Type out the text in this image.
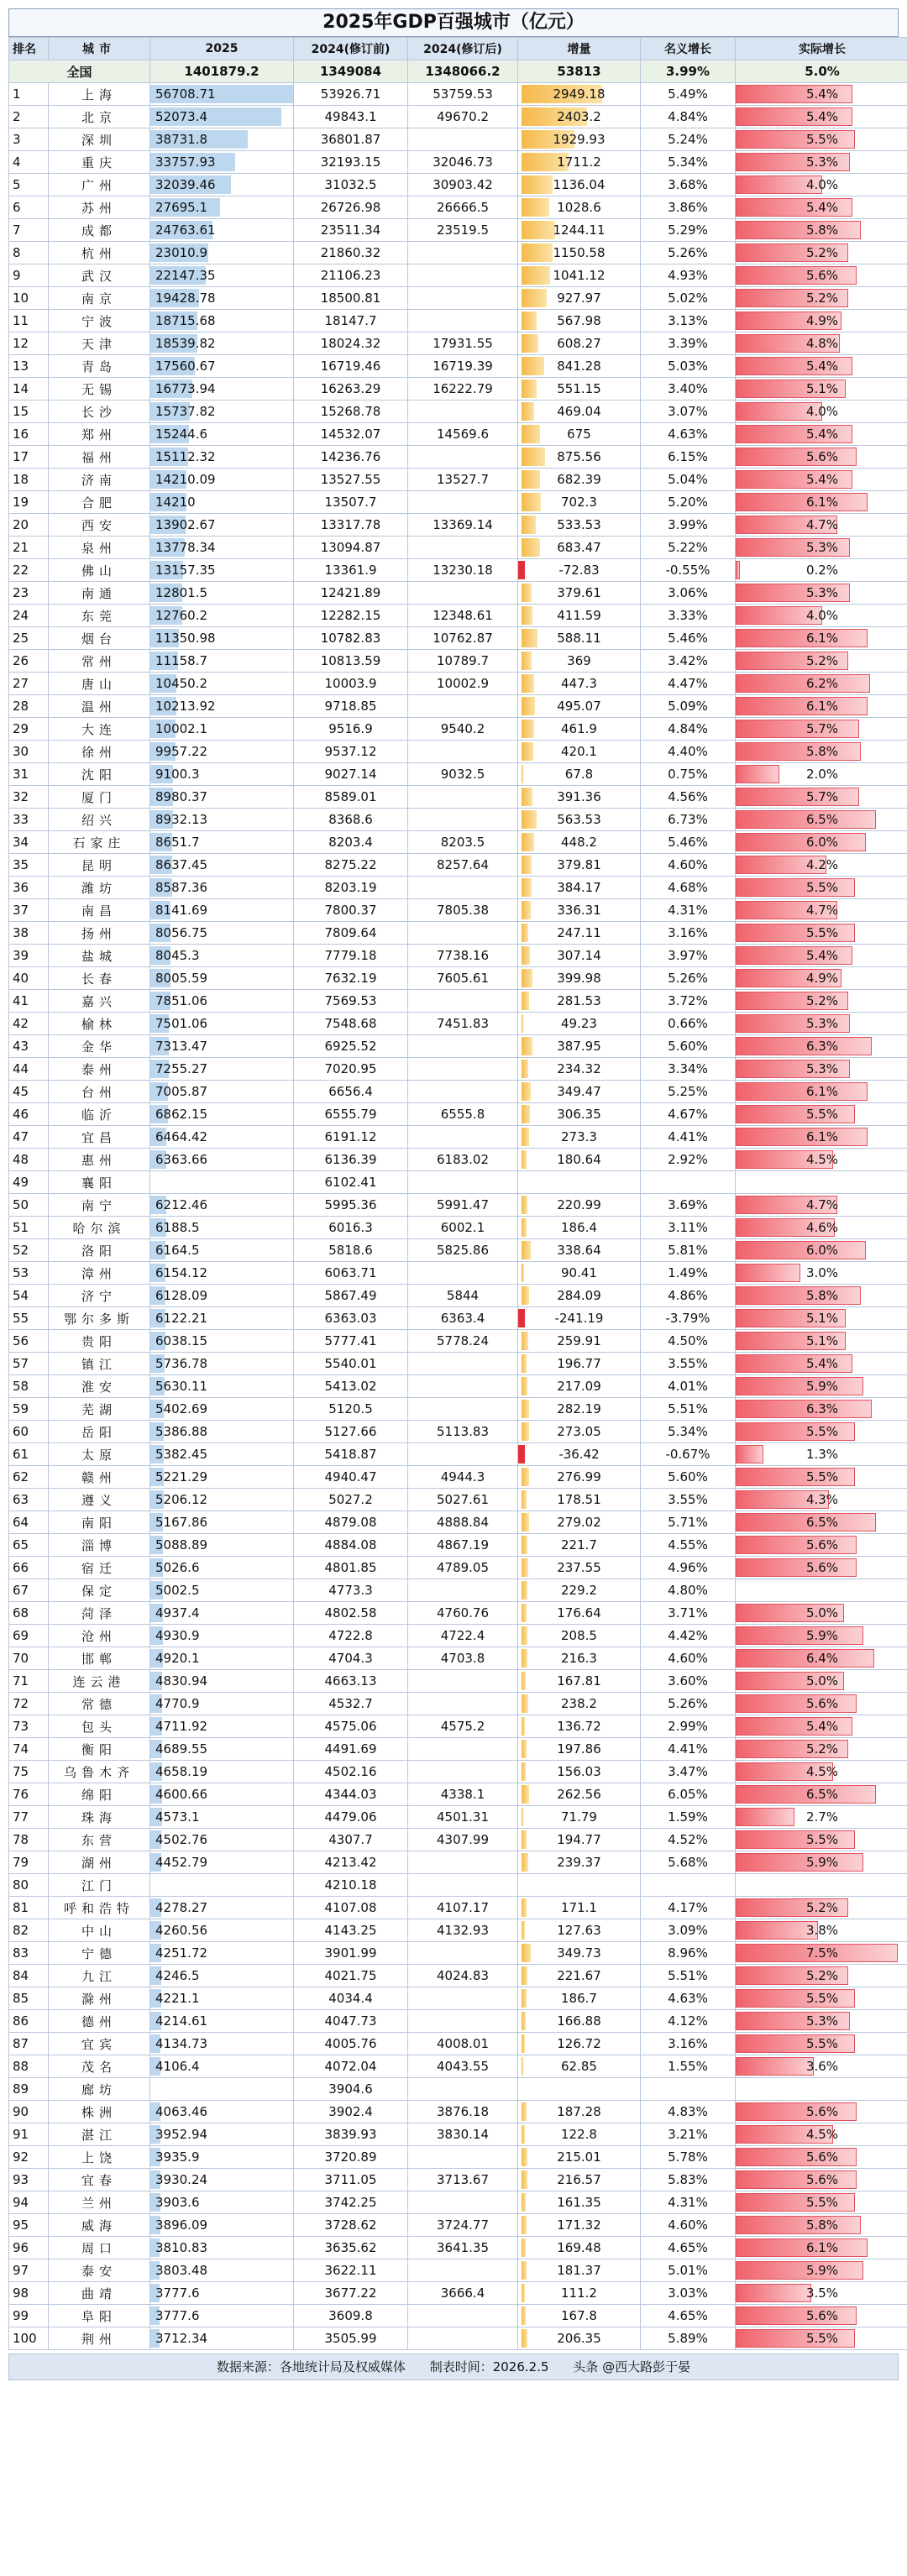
2025年GDP百强城市（亿元）
排名	城市	2025	2024(修订前)	2024(修订后)	增量	名义增长	实际增长
全国		1401879.2	1349084	1348066.2	53813	3.99%	5.0%
1	上海	56708.71	53926.71	53759.53	2949.18	5.49%	5.4%

2	北京	52073.4	49843.1	49670.2	2403.2	4.84%	5.4%

3	深圳	38731.8	36801.87		1929.93	5.24%	5.5%

4	重庆	33757.93	32193.15	32046.73	1711.2	5.34%	5.3%

5	广州	32039.46	31032.5	30903.42	1136.04	3.68%	4.0%

6	苏州	27695.1	26726.98	26666.5	1028.6	3.86%	5.4%

7	成都	24763.61	23511.34	23519.5	1244.11	5.29%	5.8%

8	杭州	23010.9	21860.32		1150.58	5.26%	5.2%

9	武汉	22147.35	21106.23		1041.12	4.93%	5.6%

10	南京	19428.78	18500.81		927.97	5.02%	5.2%

11	宁波	18715.68	18147.7		567.98	3.13%	4.9%

12	天津	18539.82	18024.32	17931.55	608.27	3.39%	4.8%

13	青岛	17560.67	16719.46	16719.39	841.28	5.03%	5.4%

14	无锡	16773.94	16263.29	16222.79	551.15	3.40%	5.1%

15	长沙	15737.82	15268.78		469.04	3.07%	4.0%

16	郑州	15244.6	14532.07	14569.6	675	4.63%	5.4%

17	福州	15112.32	14236.76		875.56	6.15%	5.6%

18	济南	14210.09	13527.55	13527.7	682.39	5.04%	5.4%

19	合肥	14210	13507.7		702.3	5.20%	6.1%

20	西安	13902.67	13317.78	13369.14	533.53	3.99%	4.7%

21	泉州	13778.34	13094.87		683.47	5.22%	5.3%

22	佛山	13157.35	13361.9	13230.18	-72.83	-0.55%	0.2%

23	南通	12801.5	12421.89		379.61	3.06%	5.3%

24	东莞	12760.2	12282.15	12348.61	411.59	3.33%	4.0%

25	烟台	11350.98	10782.83	10762.87	588.11	5.46%	6.1%

26	常州	11158.7	10813.59	10789.7	369	3.42%	5.2%

27	唐山	10450.2	10003.9	10002.9	447.3	4.47%	6.2%

28	温州	10213.92	9718.85		495.07	5.09%	6.1%

29	大连	10002.1	9516.9	9540.2	461.9	4.84%	5.7%

30	徐州	9957.22	9537.12		420.1	4.40%	5.8%

31	沈阳	9100.3	9027.14	9032.5	67.8	0.75%	2.0%

32	厦门	8980.37	8589.01		391.36	4.56%	5.7%

33	绍兴	8932.13	8368.6		563.53	6.73%	6.5%

34	石家庄	8651.7	8203.4	8203.5	448.2	5.46%	6.0%

35	昆明	8637.45	8275.22	8257.64	379.81	4.60%	4.2%

36	潍坊	8587.36	8203.19		384.17	4.68%	5.5%

37	南昌	8141.69	7800.37	7805.38	336.31	4.31%	4.7%

38	扬州	8056.75	7809.64		247.11	3.16%	5.5%

39	盐城	8045.3	7779.18	7738.16	307.14	3.97%	5.4%

40	长春	8005.59	7632.19	7605.61	399.98	5.26%	4.9%

41	嘉兴	7851.06	7569.53		281.53	3.72%	5.2%

42	榆林	7501.06	7548.68	7451.83	49.23	0.66%	5.3%

43	金华	7313.47	6925.52		387.95	5.60%	6.3%

44	泰州	7255.27	7020.95		234.32	3.34%	5.3%

45	台州	7005.87	6656.4		349.47	5.25%	6.1%

46	临沂	6862.15	6555.79	6555.8	306.35	4.67%	5.5%

47	宜昌	6464.42	6191.12		273.3	4.41%	6.1%

48	惠州	6363.66	6136.39	6183.02	180.64	2.92%	4.5%

49	襄阳		6102.41				

50	南宁	6212.46	5995.36	5991.47	220.99	3.69%	4.7%

51	哈尔滨	6188.5	6016.3	6002.1	186.4	3.11%	4.6%

52	洛阳	6164.5	5818.6	5825.86	338.64	5.81%	6.0%

53	漳州	6154.12	6063.71		90.41	1.49%	3.0%

54	济宁	6128.09	5867.49	5844	284.09	4.86%	5.8%

55	鄂尔多斯	6122.21	6363.03	6363.4	-241.19	-3.79%	5.1%

56	贵阳	6038.15	5777.41	5778.24	259.91	4.50%	5.1%

57	镇江	5736.78	5540.01		196.77	3.55%	5.4%

58	淮安	5630.11	5413.02		217.09	4.01%	5.9%

59	芜湖	5402.69	5120.5		282.19	5.51%	6.3%

60	岳阳	5386.88	5127.66	5113.83	273.05	5.34%	5.5%

61	太原	5382.45	5418.87		-36.42	-0.67%	1.3%

62	赣州	5221.29	4940.47	4944.3	276.99	5.60%	5.5%

63	遵义	5206.12	5027.2	5027.61	178.51	3.55%	4.3%

64	南阳	5167.86	4879.08	4888.84	279.02	5.71%	6.5%

65	淄博	5088.89	4884.08	4867.19	221.7	4.55%	5.6%

66	宿迁	5026.6	4801.85	4789.05	237.55	4.96%	5.6%

67	保定	5002.5	4773.3		229.2	4.80%	

68	菏泽	4937.4	4802.58	4760.76	176.64	3.71%	5.0%

69	沧州	4930.9	4722.8	4722.4	208.5	4.42%	5.9%

70	邯郸	4920.1	4704.3	4703.8	216.3	4.60%	6.4%

71	连云港	4830.94	4663.13		167.81	3.60%	5.0%

72	常德	4770.9	4532.7		238.2	5.26%	5.6%

73	包头	4711.92	4575.06	4575.2	136.72	2.99%	5.4%

74	衡阳	4689.55	4491.69		197.86	4.41%	5.2%

75	乌鲁木齐	4658.19	4502.16		156.03	3.47%	4.5%

76	绵阳	4600.66	4344.03	4338.1	262.56	6.05%	6.5%

77	珠海	4573.1	4479.06	4501.31	71.79	1.59%	2.7%

78	东营	4502.76	4307.7	4307.99	194.77	4.52%	5.5%

79	湖州	4452.79	4213.42		239.37	5.68%	5.9%

80	江门		4210.18				

81	呼和浩特	4278.27	4107.08	4107.17	171.1	4.17%	5.2%

82	中山	4260.56	4143.25	4132.93	127.63	3.09%	3.8%

83	宁德	4251.72	3901.99		349.73	8.96%	7.5%

84	九江	4246.5	4021.75	4024.83	221.67	5.51%	5.2%

85	滁州	4221.1	4034.4		186.7	4.63%	5.5%

86	德州	4214.61	4047.73		166.88	4.12%	5.3%

87	宜宾	4134.73	4005.76	4008.01	126.72	3.16%	5.5%

88	茂名	4106.4	4072.04	4043.55	62.85	1.55%	3.6%

89	廊坊		3904.6				

90	株洲	4063.46	3902.4	3876.18	187.28	4.83%	5.6%

91	湛江	3952.94	3839.93	3830.14	122.8	3.21%	4.5%

92	上饶	3935.9	3720.89		215.01	5.78%	5.6%

93	宜春	3930.24	3711.05	3713.67	216.57	5.83%	5.6%

94	兰州	3903.6	3742.25		161.35	4.31%	5.5%

95	威海	3896.09	3728.62	3724.77	171.32	4.60%	5.8%

96	周口	3810.83	3635.62	3641.35	169.48	4.65%	6.1%

97	泰安	3803.48	3622.11		181.37	5.01%	5.9%

98	曲靖	3777.6	3677.22	3666.4	111.2	3.03%	3.5%

99	阜阳	3777.6	3609.8		167.8	4.65%	5.6%

100	荆州	3712.34	3505.99		206.35	5.89%	5.5%
数据来源：各地统计局及权威媒体 制表时间：2026.2.5 头条 @西大路彭于晏
